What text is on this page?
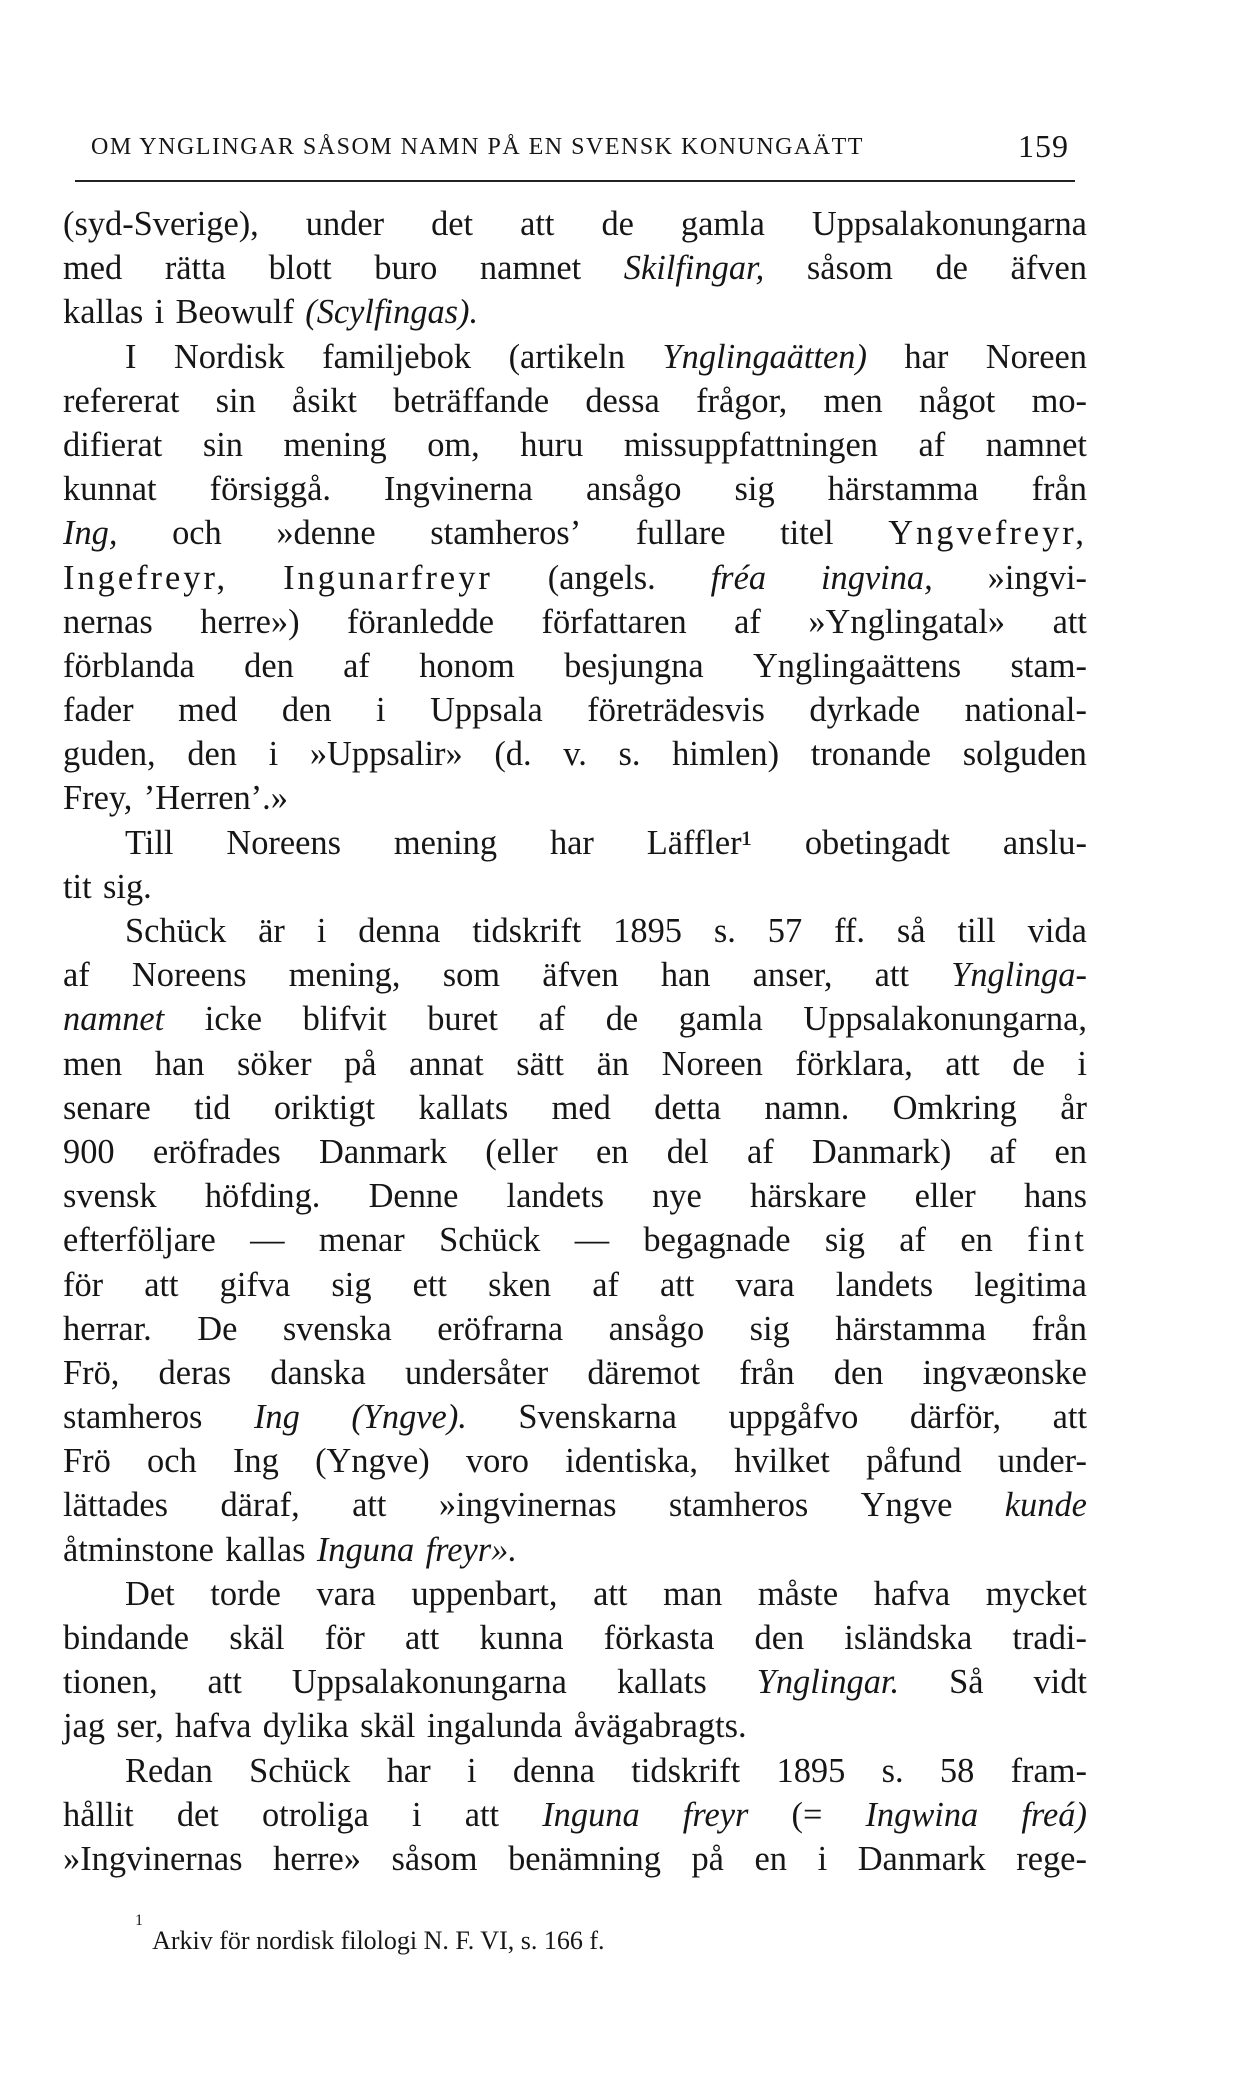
OM YNGLINGAR SÅSOM NAMN PÅ EN SVENSK KONUNGAÄTT	159
(syd-Sverige), under det att de gamla Uppsalakonungarna
med rätta blott buro namnet Skilfingar, såsom de äfven
kallas i Beowulf (Scylfingas).
I Nordisk familjebok (artikeln Ynglingaätten) har Noreen
refererat sin åsikt beträffande dessa frågor, men något mo-
difierat sin mening om, huru missuppfattningen af namnet
kunnat försiggå. Ingvinerna ansågo sig härstamma från
Ing, och »denne stamheros’ fullare titel Yngvefreyr,
Ingefreyr, Ingunarfreyr (angels. fréa ingvina, »ingvi-
nernas herre») föranledde författaren af »Ynglingatal» att
förblanda den af honom besjungna Ynglingaättens stam-
fader med den i Uppsala företrädesvis dyrkade national-
guden, den i »Uppsalir» (d. v. s. himlen) tronande solguden
Frey, ’Herren’.»
Till Noreens mening har Läffler¹ obetingadt anslu-
tit sig.
Schück är i denna tidskrift 1895 s. 57 ff. så till vida
af Noreens mening, som äfven han anser, att Ynglinga-
namnet icke blifvit buret af de gamla Uppsalakonungarna,
men han söker på annat sätt än Noreen förklara, att de i
senare tid oriktigt kallats med detta namn. Omkring år
900 eröfrades Danmark (eller en del af Danmark) af en
svensk höfding. Denne landets nye härskare eller hans
efterföljare — menar Schück — begagnade sig af en fint
för att gifva sig ett sken af att vara landets legitima
herrar. De svenska eröfrarna ansågo sig härstamma från
Frö, deras danska undersåter däremot från den ingvæonske
stamheros Ing (Yngve). Svenskarna uppgåfvo därför, att
Frö och Ing (Yngve) voro identiska, hvilket påfund under-
lättades däraf, att »ingvinernas stamheros Yngve kunde
åtminstone kallas Inguna freyr».
Det torde vara uppenbart, att man måste hafva mycket
bindande skäl för att kunna förkasta den isländska tradi-
tionen, att Uppsalakonungarna kallats Ynglingar. Så vidt
jag ser, hafva dylika skäl ingalunda åvägabragts.
Redan Schück har i denna tidskrift 1895 s. 58 fram-
hållit det otroliga i att Inguna freyr (= Ingwina freá)
»Ingvinernas herre» såsom benämning på en i Danmark rege-
1
Arkiv för nordisk filologi N. F. VI, s. 166 f.
